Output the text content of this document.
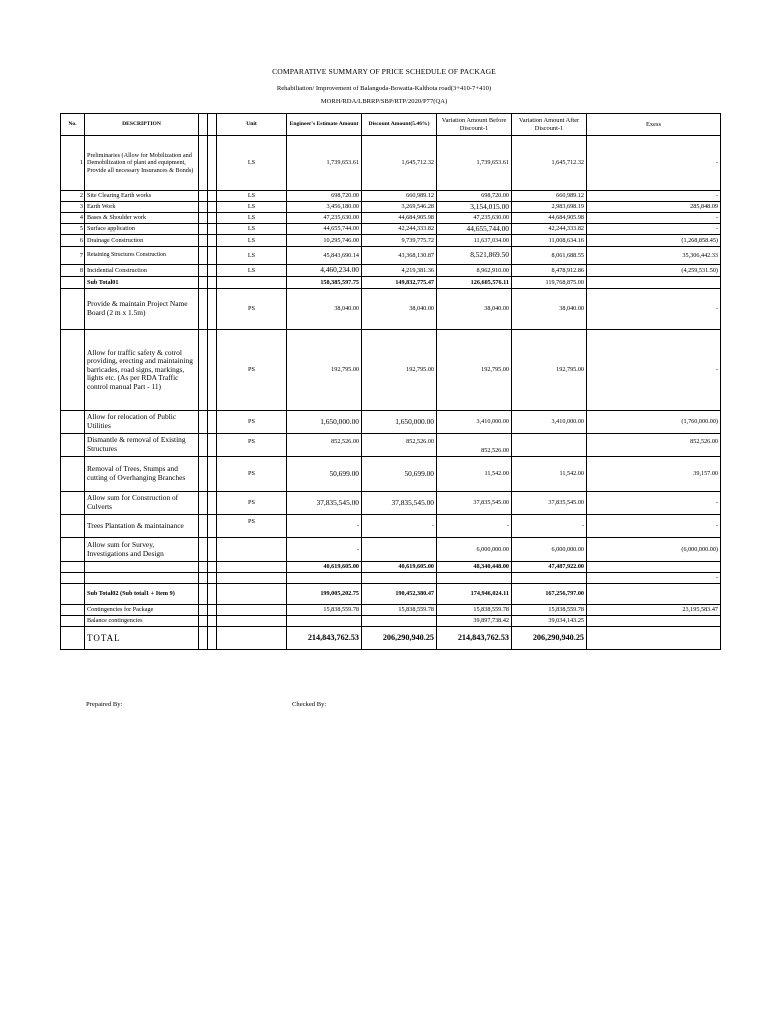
COMPARATIVE SUMMARY OF PRICE SCHEDULE OF PACKAGE
Rehabiliation/ Improvement of Balangoda-Bowatta-Kalthota road(3+410-7+410)
MORH/RDA/LBRRP/SBP/RTP/2020/P77(QA)
No.	DESCRIPTION			Unit	Engineer's Estimate Amount	Discount Amount(5.46%)	Variation Amount Before Discount-1	Variation Amount After Discount-1	Exess
1	Preliminaries (Allow for Mobilization and Demobilization of plant and equipment, Provide all necessary Insurances & Bonds)			LS	1,739,653.61	1,645,712.32	1,739,653.61	1,645,712.32	-
2	Site Clearing Earth works			LS	698,720.00	660,989.12	698,720.00	660,989.12	-
3	Earth Work			LS	3,456,180.00	3,269,546.28	3,154,015.00	2,983,698.19	285,848.09
4	Bases & Shoulder work			LS	47,235,630.00	44,684,905.98	47,235,630.00	44,684,905.98	-
5	Surface application			LS	44,655,744.00	42,244,333.82	44,655,744.00	42,244,333.82	-
6	Drainage Construction			LS	10,295,746.00	9,739,775.72	11,637,034.00	11,008,634.16	(1,268,858.45)
7	Retaining Structures Construction			LS	45,843,690.14	43,368,130.87	8,521,869.50	8,061,688.55	35,306,442.33
8	Incidential Construction			LS	4,460,234.00	4,219,381.36	8,962,910.00	8,478,912.86	(4,259,531.50)
	Sub Total01				158,385,597.75	149,832,775.47	126,605,576.11	119,768,875.00	
	Provide & maintain Project Name Board (2 m x 1.5m)			PS	38,040.00	38,040.00	38,040.00	38,040.00	-
	Allow for traffic safety & cotrol providing, erecting and maintaining barricades, road signs, markings, lights etc. (As per RDA Traffic control manual Part - 11)			PS	192,795.00	192,795.00	192,795.00	192,795.00	-
	Allow for relocation of Public Utilities			PS	1,650,000.00	1,650,000.00	3,410,000.00	3,410,000.00	(1,760,000.00)
	Dismantle & removal of Existing Structures			PS	852,526.00	852,526.00	852,526.00		852,526.00
	Removal of Trees, Stumps and cutting of Overhanging Branches			PS	50,699.00	50,699.00	11,542.00	11,542.00	39,157.00
	Allow sum for Construction of Culverts			PS	37,835,545.00	37,835,545.00	37,835,545.00	37,835,545.00	-
	Trees Plantation & maintainance			PS	-	-	-	-	-
	Allow sum for Survey, Investigations and Design				-		6,000,000.00	6,000,000.00	(6,000,000.00)
					40,619,605.00	40,619,605.00	48,340,448.00	47,487,922.00	
									-
	Sub Total02 (Sub total1 + Item 9)				199,005,202.75	190,452,380.47	174,946,024.11	167,256,797.00	
	Contingencies for Package				15,838,559.78	15,838,559.78	15,838,559.78	15,838,559.78	23,195,583.47
	Balance contingencies						39,897,738.42	39,034,143.25	
	TOTAL				214,843,762.53	206,290,940.25	214,843,762.53	206,290,940.25	
Prepaired By:	Checked By:
